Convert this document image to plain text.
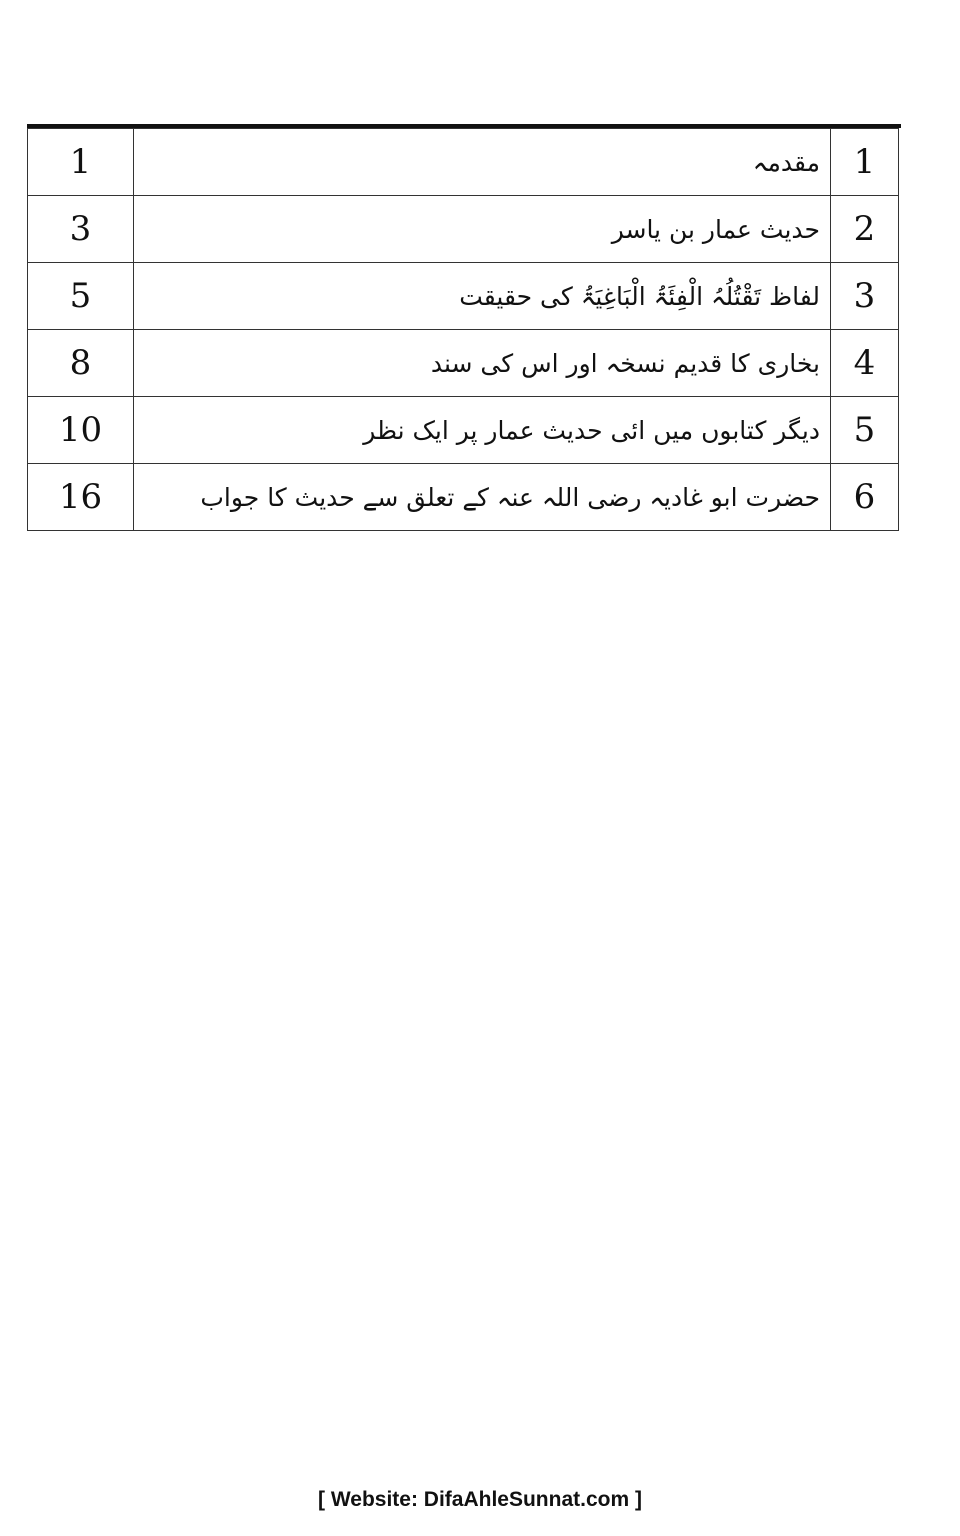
1	مقدمہ	1
3	حدیث عمار بن یاسر	2
5	لفاظ تَقْتُلُہُ الْفِئَۃُ الْبَاغِیَۃُ کی حقیقت	3
8	بخاری کا قدیم نسخہ اور اس کی سند	4
10	دیگر کتابوں میں ائی حدیث عمار پر ایک نظر	5
16	حضرت ابو غادیہ رضی اللہ عنہ کے تعلق سے حدیث کا جواب	6
[ Website: DifaAhleSunnat.com ]
